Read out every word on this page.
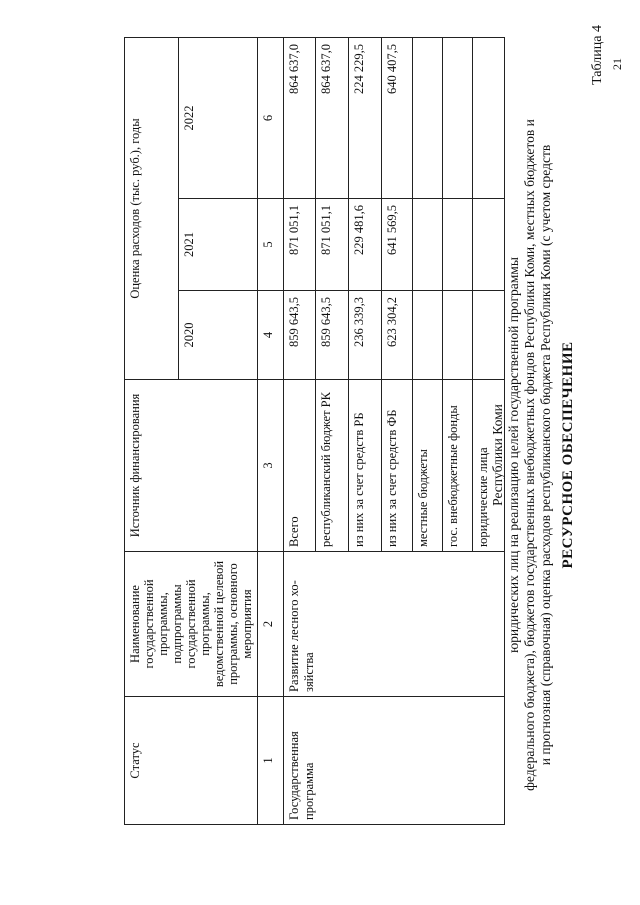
21
Таблица 4
РЕСУРСНОЕ ОБЕСПЕЧЕНИЕ
и прогнозная (справочная) оценка расходов республиканского бюджета Республики Коми (с учетом средств
федерального бюджета), бюджетов государственных внебюджетных фондов Республики Коми, местных бюджетов и
юридических лиц на реализацию целей государственной программы
Республики Коми
Статус	Наименование государственной программы, подпрограммы государственной программы, ведомственной целевой программы, основного мероприятия	Источник финансирования	Оценка расходов (тыс. руб.), годы		
			2020	2021	2022
1	2	3	4	5	6
Государственная программа	Развитие лесного хо- зяйства	Всего	859 643,5	871 051,1	864 637,0
		республиканский бюджет РК	859 643,5	871 051,1	864 637,0
		из них за счет средств РБ	236 339,3	229 481,6	224 229,5
		из них за счет средств ФБ	623 304,2	641 569,5	640 407,5
		местные бюджеты			
		гос. внебюджетные фонды			
		юридические лица			
